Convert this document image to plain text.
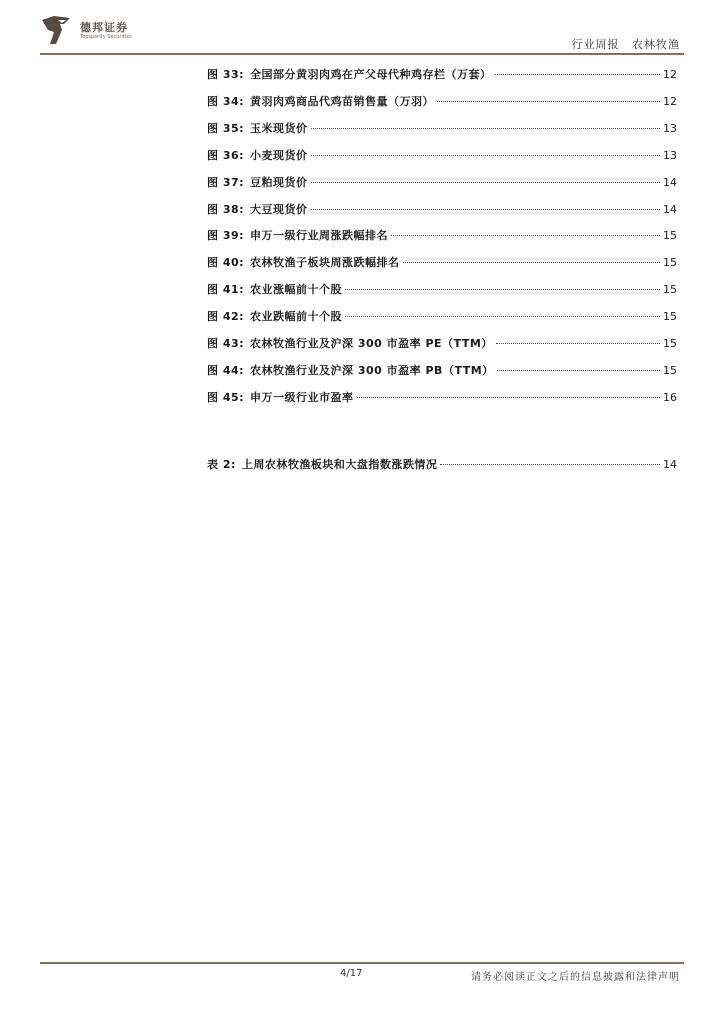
德邦证券
Topsperity Securities
行业周报 农林牧渔
图 33: 全国部分黄羽肉鸡在产父母代种鸡存栏（万套）	12
图 34: 黄羽肉鸡商品代鸡苗销售量（万羽）	12
图 35: 玉米现货价	13
图 36: 小麦现货价	13
图 37: 豆粕现货价	14
图 38: 大豆现货价	14
图 39: 申万一级行业周涨跌幅排名	15
图 40: 农林牧渔子板块周涨跌幅排名	15
图 41: 农业涨幅前十个股	15
图 42: 农业跌幅前十个股	15
图 43: 农林牧渔行业及沪深 300 市盈率 PE（TTM）	15
图 44: 农林牧渔行业及沪深 300 市盈率 PB（TTM）	15
图 45: 申万一级行业市盈率	16
表 2: 上周农林牧渔板块和大盘指数涨跌情况	14
4/17	请务必阅读正文之后的信息披露和法律声明
